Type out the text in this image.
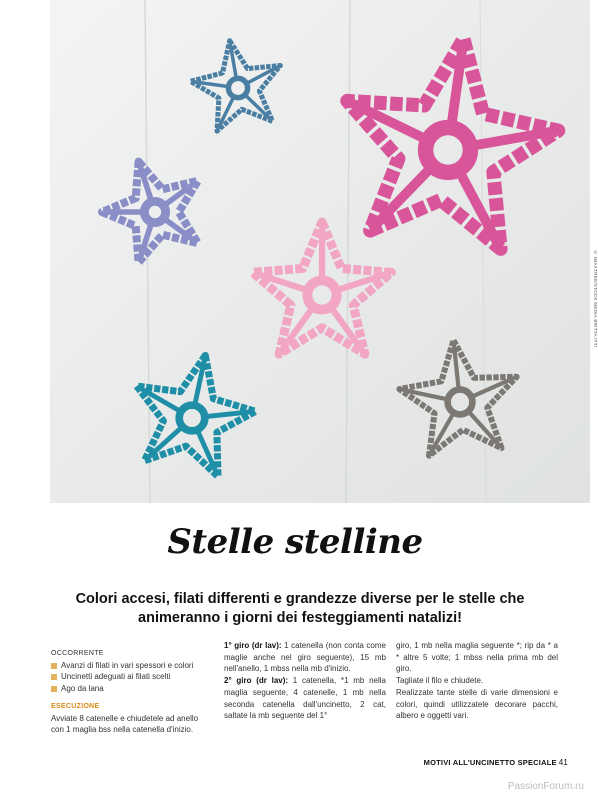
© IMAXTREE/STOCK MEDIA BRITTA ITTI
Stelle stelline
Colori accesi, filati differenti e grandezze diverse per le stelle che animeranno i giorni dei festeggiamenti natalizi!
OCCORRENTE
Avanzi di filati in vari spessori e colori
Uncinetti adeguati ai filati scelti
Ago da lana
ESECUZIONE
Avviate 8 catenelle e chiudetele ad anello con 1 maglia bss nella catenella d'inizio.
1° giro (dr lav): 1 catenella (non conta come maglie anche nel giro seguente), 15 mb nell'anello, 1 mbss nella mb d'inizio.
2° giro (dr lav): 1 catenella, *1 mb nella maglia seguente, 4 catenelle, 1 mb nella seconda catenella dall'uncinetto, 2 cat, saltate la mb seguente del 1°
giro, 1 mb nella maglia seguente *; rip da * a * altre 5 volte; 1 mbss nella prima mb del giro.
Tagliate il filo e chiudete.
Realizzate tante stelle di varie dimensioni e colori, quindi utilizzatele decorare pacchi, albero e oggetti vari.
MOTIVI ALL'UNCINETTO SPECIALE 41
PassionForum.ru
